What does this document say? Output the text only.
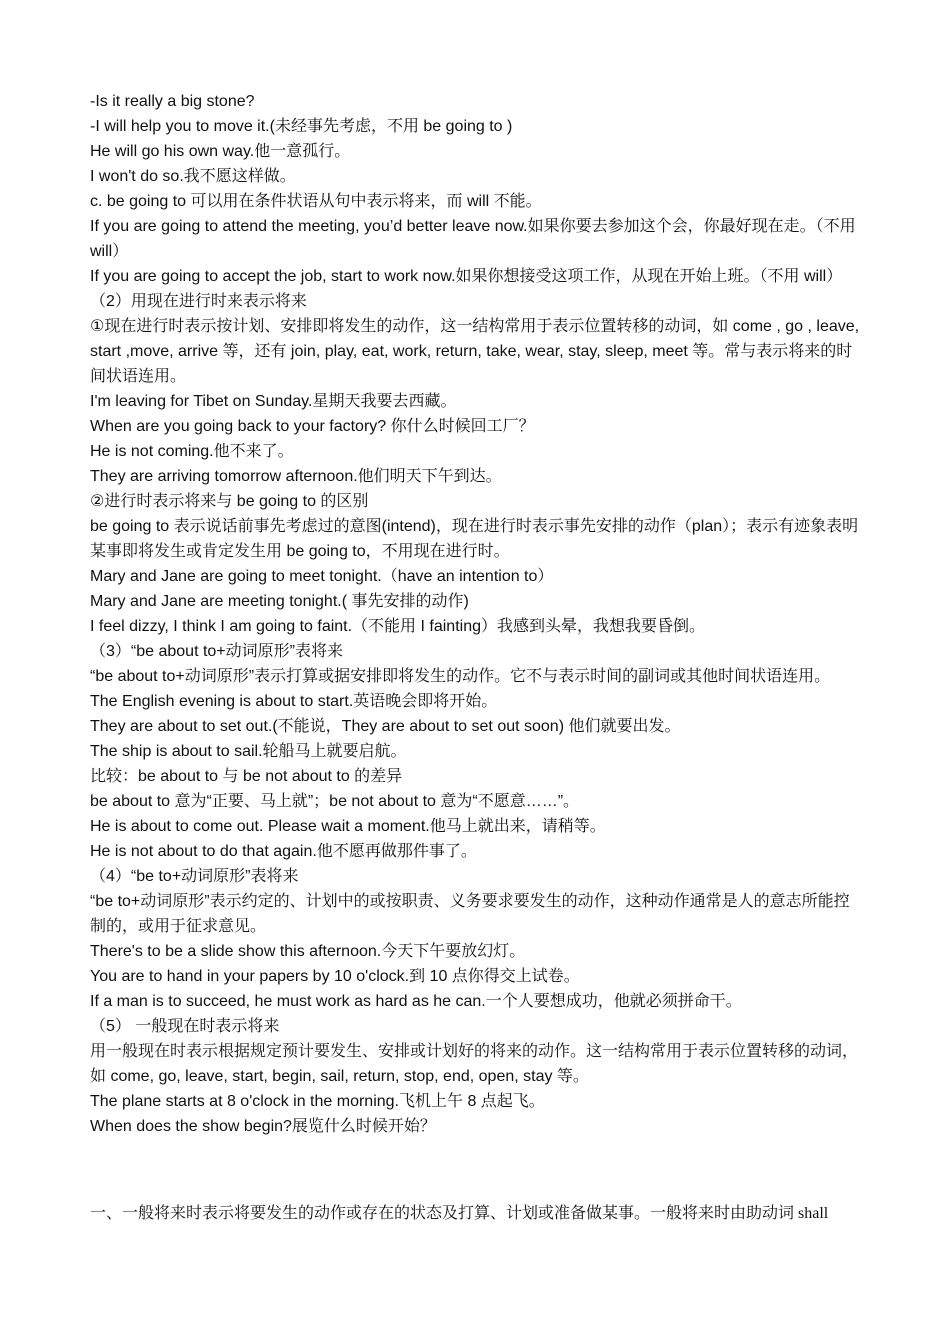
-Is it really a big stone?

-I will help you to move it.(未经事先考虑，不用 be going to )

He will go his own way.他一意孤行。

I won't do so.我不愿这样做。

c. be going to 可以用在条件状语从句中表示将来，而 will 不能。

If you are going to attend the meeting, you’d better leave now.如果你要去参加这个会，你最好现在走。（不用 will）

If you are going to accept the job, start to work now.如果你想接受这项工作，从现在开始上班。（不用 will）

（2）用现在进行时来表示将来

①现在进行时表示按计划、安排即将发生的动作，这一结构常用于表示位置转移的动词，如 come , go , leave, start ,move, arrive 等，还有 join, play, eat, work, return, take, wear, stay, sleep, meet 等。常与表示将来的时间状语连用。

I'm leaving for Tibet on Sunday.星期天我要去西藏。

When are you going back to your factory? 你什么时候回工厂？

He is not coming.他不来了。

They are arriving tomorrow afternoon.他们明天下午到达。

②进行时表示将来与 be going to 的区别

be going to 表示说话前事先考虑过的意图(intend)，现在进行时表示事先安排的动作（plan）；表示有迹象表明某事即将发生或肯定发生用 be going to，不用现在进行时。

Mary and Jane are going to meet tonight.（have an intention to）

Mary and Jane are meeting tonight.( 事先安排的动作)

I feel dizzy, I think I am going to faint.（不能用 I fainting）我感到头晕，我想我要昏倒。

（3）“be about to+动词原形”表将来

“be about to+动词原形”表示打算或据安排即将发生的动作。它不与表示时间的副词或其他时间状语连用。

The English evening is about to start.英语晚会即将开始。

They are about to set out.(不能说，They are about to set out soon) 他们就要出发。

The ship is about to sail.轮船马上就要启航。

比较：be about to 与 be not about to 的差异

be about to 意为“正要、马上就”；be not about to 意为“不愿意……”。

He is about to come out. Please wait a moment.他马上就出来，请稍等。

He is not about to do that again.他不愿再做那件事了。

（4）“be to+动词原形”表将来

“be to+动词原形”表示约定的、计划中的或按职责、义务要求要发生的动作，这种动作通常是人的意志所能控制的，或用于征求意见。

There's to be a slide show this afternoon.今天下午要放幻灯。

You are to hand in your papers by 10 o'clock.到 10 点你得交上试卷。

If a man is to succeed, he must work as hard as he can.一个人要想成功，他就必须拼命干。

（5） 一般现在时表示将来

用一般现在时表示根据规定预计要发生、安排或计划好的将来的动作。这一结构常用于表示位置转移的动词，如 come, go, leave, start, begin, sail, return, stop, end, open, stay 等。

The plane starts at 8 o'clock in the morning.飞机上午 8 点起飞。

When does the show begin?展览什么时候开始？

一、一般将来时表示将要发生的动作或存在的状态及打算、计划或准备做某事。一般将来时由助动词 shall
